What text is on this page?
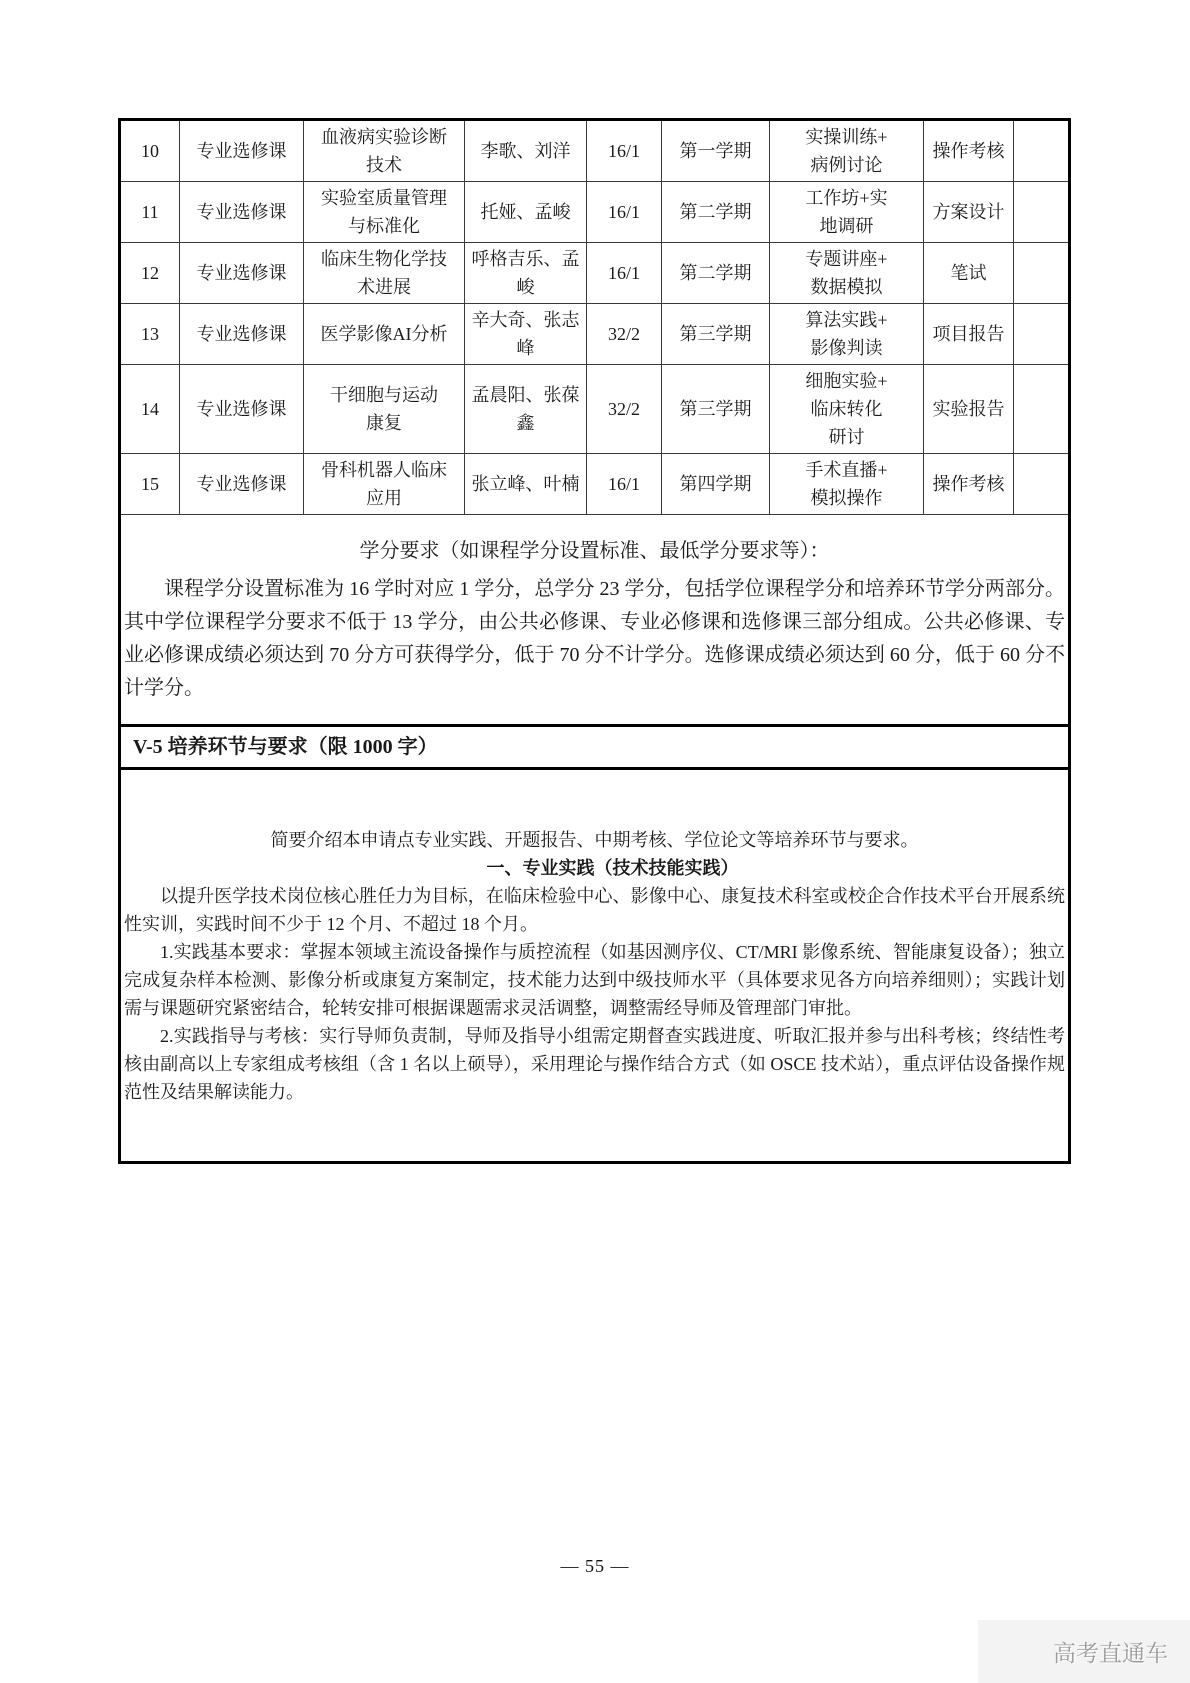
10	专业选修课	
血液病实验诊断
技术
	李歌、刘洋	16/1	第一学期	
实操训练+
病例讨论
	操作考核	
11	专业选修课	
实验室质量管理
与标准化
	托娅、孟峻	16/1	第二学期	
工作坊+实
地调研
	方案设计	
12	专业选修课	
临床生物化学技
术进展
	呼格吉乐、孟峻	16/1	第二学期	
专题讲座+
数据模拟
	笔试	
13	专业选修课	医学影像AI分析	辛大奇、张志峰	32/2	第三学期	算法实践+
影像判读	项目报告	
14	专业选修课	
干细胞与运动
康复
	孟晨阳、张葆鑫	32/2	第三学期	
细胞实验+
临床转化
研讨
	实验报告	
15	专业选修课	
骨科机器人临床
应用
	张立峰、叶楠	16/1	第四学期	
手术直播+
模拟操作
	操作考核	

学分要求（如课程学分设置标准、最低学分要求等）：
课程学分设置标准为 16 学时对应 1 学分，总学分 23 学分，包括学位课程学分和培养环节学分两部分。其中学位课程学分要求不低于 13 学分，由公共必修课、专业必修课和选修课三部分组成。公共必修课、专业必修课成绩必须达到 70 分方可获得学分，低于 70 分不计学分。选修课成绩必须达到 60 分，低于 60 分不计学分。								

V-5 培养环节与要求（限 1000 字）								

简要介绍本申请点专业实践、开题报告、中期考核、学位论文等培养环节与要求。

一、专业实践（技术技能实践）

以提升医学技术岗位核心胜任力为目标，在临床检验中心、影像中心、康复技术科室或校企合作技术平台开展系统性实训，实践时间不少于 12 个月、不超过 18 个月。

1.实践基本要求：掌握本领域主流设备操作与质控流程（如基因测序仪、CT/MRI 影像系统、智能康复设备）；独立完成复杂样本检测、影像分析或康复方案制定，技术能力达到中级技师水平（具体要求见各方向培养细则）；实践计划需与课题研究紧密结合，轮转安排可根据课题需求灵活调整，调整需经导师及管理部门审批。

2.实践指导与考核：实行导师负责制，导师及指导小组需定期督查实践进度、听取汇报并参与出科考核；终结性考核由副高以上专家组成考核组（含 1 名以上硕导），采用理论与操作结合方式（如 OSCE 技术站），重点评估设备操作规范性及结果解读能力。								

— 55 —
高考直通车
